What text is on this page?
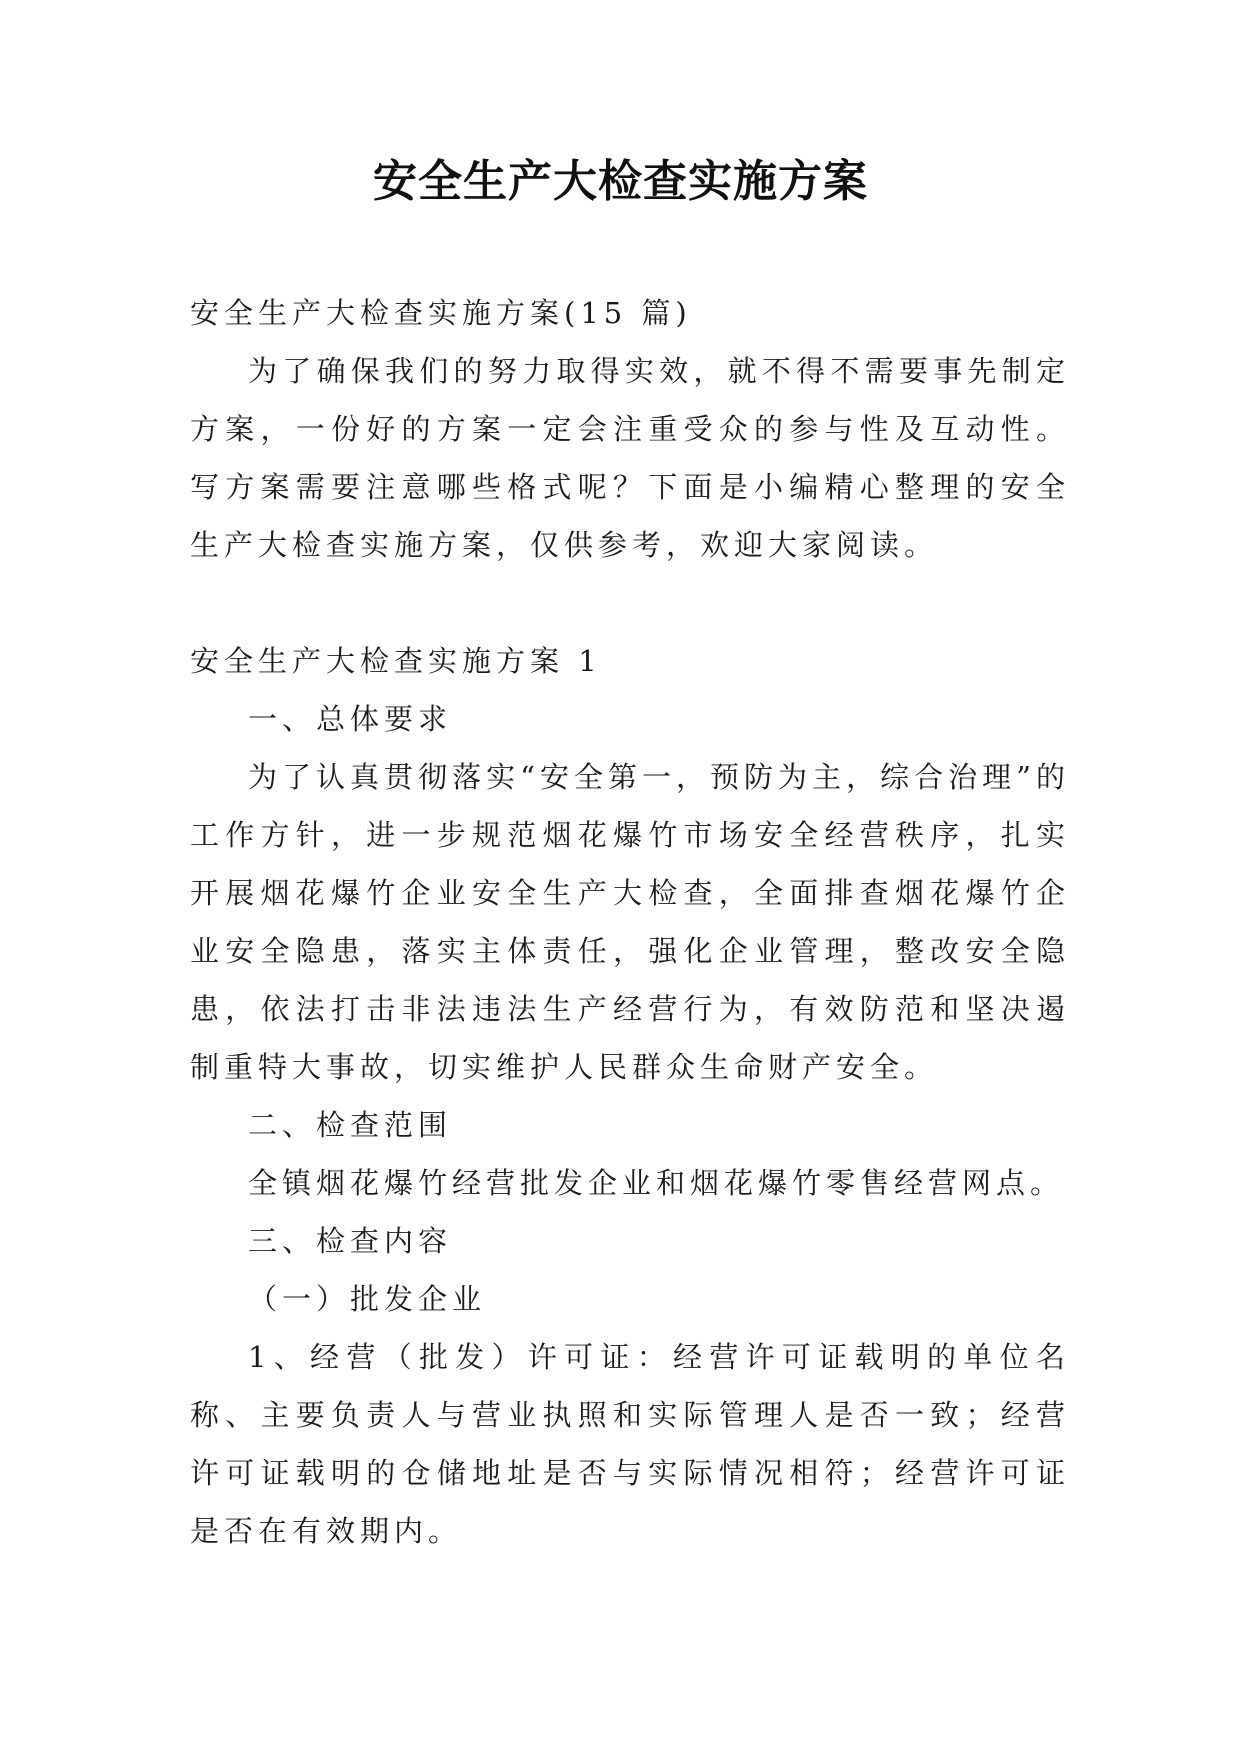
安全生产大检查实施方案

安全生产大检查实施方案(15 篇)

为了确保我们的努力取得实效，就不得不需要事先制定方案，一份好的方案一定会注重受众的参与性及互动性。写方案需要注意哪些格式呢？下面是小编精心整理的安全生产大检查实施方案，仅供参考，欢迎大家阅读。

安全生产大检查实施方案 1

一、总体要求

为了认真贯彻落实“安全第一，预防为主，综合治理”的工作方针，进一步规范烟花爆竹市场安全经营秩序，扎实开展烟花爆竹企业安全生产大检查，全面排查烟花爆竹企业安全隐患，落实主体责任，强化企业管理，整改安全隐患，依法打击非法违法生产经营行为，有效防范和坚决遏制重特大事故，切实维护人民群众生命财产安全。

二、检查范围

全镇烟花爆竹经营批发企业和烟花爆竹零售经营网点。

三、检查内容

（一）批发企业

1、经营（批发）许可证：经营许可证载明的单位名称、主要负责人与营业执照和实际管理人是否一致；经营许可证载明的仓储地址是否与实际情况相符；经营许可证是否在有效期内。
